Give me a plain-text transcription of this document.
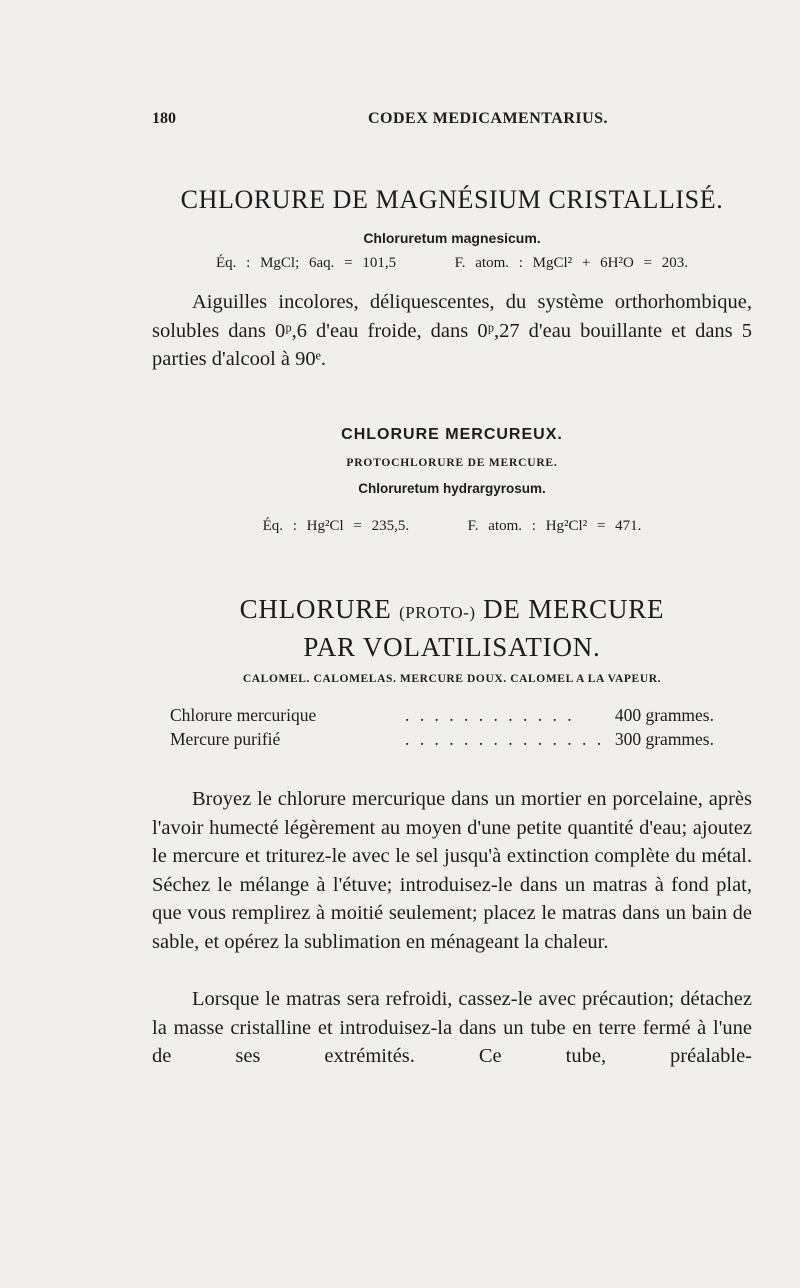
180	CODEX MEDICAMENTARIUS.
CHLORURE DE MAGNÉSIUM CRISTALLISÉ.
Chloruretum magnesicum.
Éq. : MgCl; 6aq. = 101,5	F. atom. : MgCl² + 6H²O = 203.
Aiguilles incolores, déliquescentes, du système orthorhombique, solubles dans 0ᵖ,6 d'eau froide, dans 0ᵖ,27 d'eau bouillante et dans 5 parties d'alcool à 90ᵉ.
CHLORURE MERCUREUX.
PROTOCHLORURE DE MERCURE.
Chloruretum hydrargyrosum.
Éq. : Hg²Cl = 235,5.	F. atom. : Hg²Cl² = 471.
CHLORURE (PROTO-) DE MERCURE
PAR VOLATILISATION.
CALOMEL. CALOMELAS. MERCURE DOUX. CALOMEL A LA VAPEUR.
Chlorure mercurique	. . . . . . . . . . . . 400 grammes.
Mercure purifié	. . . . . . . . . . . . . . 300 grammes.
Broyez le chlorure mercurique dans un mortier en porcelaine, après l'avoir humecté légèrement au moyen d'une petite quantité d'eau; ajoutez le mercure et triturez-le avec le sel jusqu'à extinction complète du métal. Séchez le mélange à l'étuve; introduisez-le dans un matras à fond plat, que vous remplirez à moitié seulement; placez le matras dans un bain de sable, et opérez la sublimation en ménageant la chaleur.
Lorsque le matras sera refroidi, cassez-le avec précaution; détachez la masse cristalline et introduisez-la dans un tube en terre fermé à l'une de ses extrémités. Ce tube, préalable-
